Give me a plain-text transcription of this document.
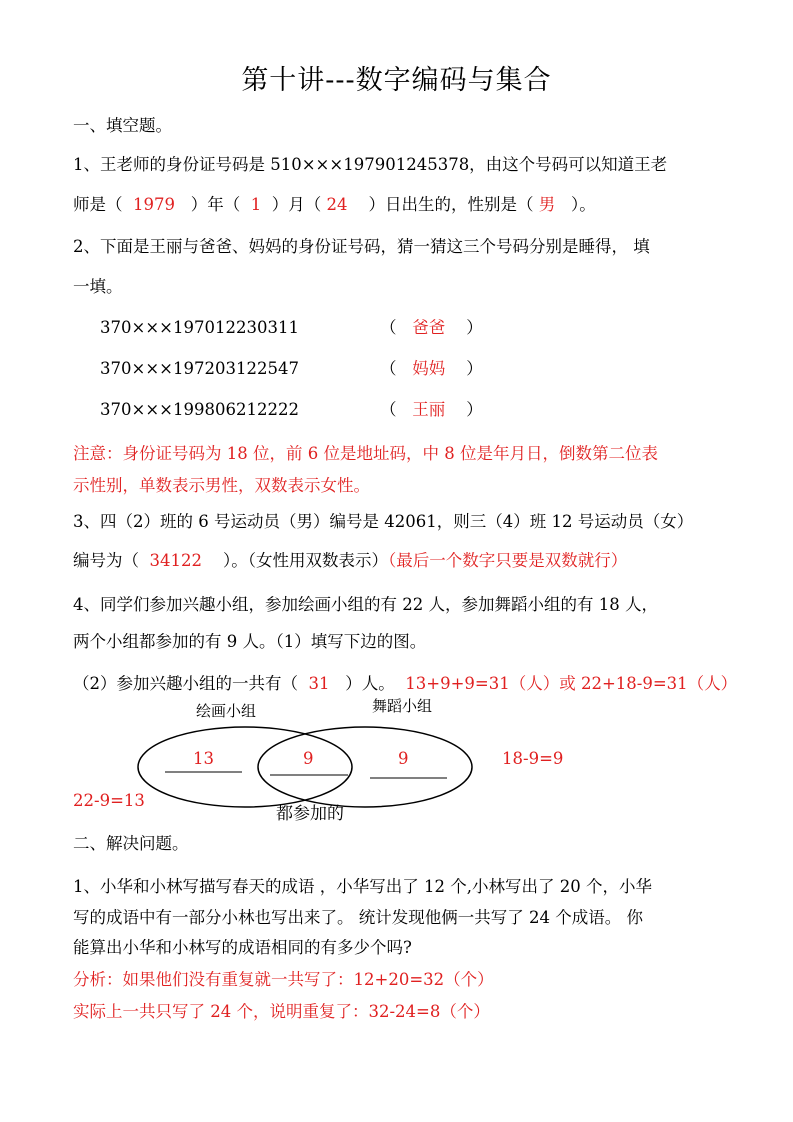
第十讲---数字编码与集合
一、填空题。
1、王老师的身份证号码是 510×××197901245378，由这个号码可以知道王老
师是（ 1979 ）年（ 1 ）月（ 24 ）日出生的，性别是（ 男 ）。
2、下面是王丽与爸爸、妈妈的身份证号码，猜一猜这三个号码分别是睡得， 填
一填。
370×××197012230311	（ 爸爸 ）
370×××197203122547	（ 妈妈 ）
370×××199806212222	（ 王丽 ）
注意：身份证号码为 18 位，前 6 位是地址码，中 8 位是年月日，倒数第二位表
示性别，单数表示男性，双数表示女性。
3、四（2）班的 6 号运动员（男）编号是 42061，则三（4）班 12 号运动员（女）
编号为（ 34122 ）。（女性用双数表示）（最后一个数字只要是双数就行）
4、同学们参加兴趣小组，参加绘画小组的有 22 人，参加舞蹈小组的有 18 人，
两个小组都参加的有 9 人。（1）填写下边的图。
（2）参加兴趣小组的一共有（ 31 ）人。 13+9+9=31（人）或 22+18-9=31（人）
绘画小组	舞蹈小组
13	9	9	18-9=9
22-9=13
都参加的
二、解决问题。
1、小华和小林写描写春天的成语 ，小华写出了 12 个,小林写出了 20 个，小华
写的成语中有一部分小林也写出来了。 统计发现他俩一共写了 24 个成语。 你
能算出小华和小林写的成语相同的有多少个吗?
分析：如果他们没有重复就一共写了：12+20=32（个）
实际上一共只写了 24 个，说明重复了：32-24=8（个）
